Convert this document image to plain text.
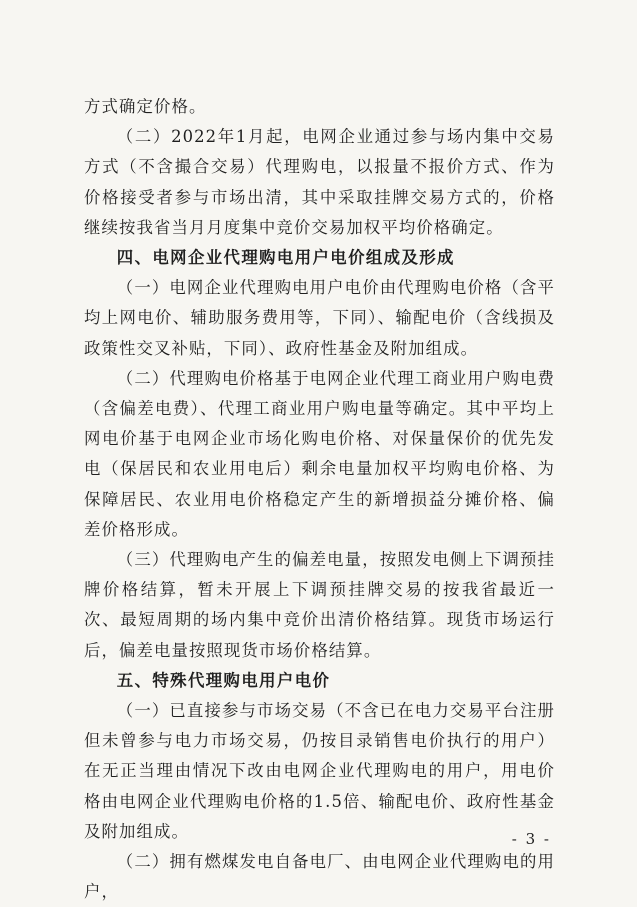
方式确定价格。

（二）2022年1月起，电网企业通过参与场内集中交易方式（不含撮合交易）代理购电，以报量不报价方式、作为价格接受者参与市场出清，其中采取挂牌交易方式的，价格继续按我省当月月度集中竞价交易加权平均价格确定。

四、电网企业代理购电用户电价组成及形成

（一）电网企业代理购电用户电价由代理购电价格（含平均上网电价、辅助服务费用等，下同）、输配电价（含线损及政策性交叉补贴，下同）、政府性基金及附加组成。

（二）代理购电价格基于电网企业代理工商业用户购电费（含偏差电费）、代理工商业用户购电量等确定。其中平均上网电价基于电网企业市场化购电价格、对保量保价的优先发电（保居民和农业用电后）剩余电量加权平均购电价格、为保障居民、农业用电价格稳定产生的新增损益分摊价格、偏差价格形成。

（三）代理购电产生的偏差电量，按照发电侧上下调预挂牌价格结算，暂未开展上下调预挂牌交易的按我省最近一次、最短周期的场内集中竞价出清价格结算。现货市场运行后，偏差电量按照现货市场价格结算。

五、特殊代理购电用户电价

（一）已直接参与市场交易（不含已在电力交易平台注册但未曾参与电力市场交易，仍按目录销售电价执行的用户）在无正当理由情况下改由电网企业代理购电的用户，用电价格由电网企业代理购电价格的1.5倍、输配电价、政府性基金及附加组成。

（二）拥有燃煤发电自备电厂、由电网企业代理购电的用户，

- 3 -
